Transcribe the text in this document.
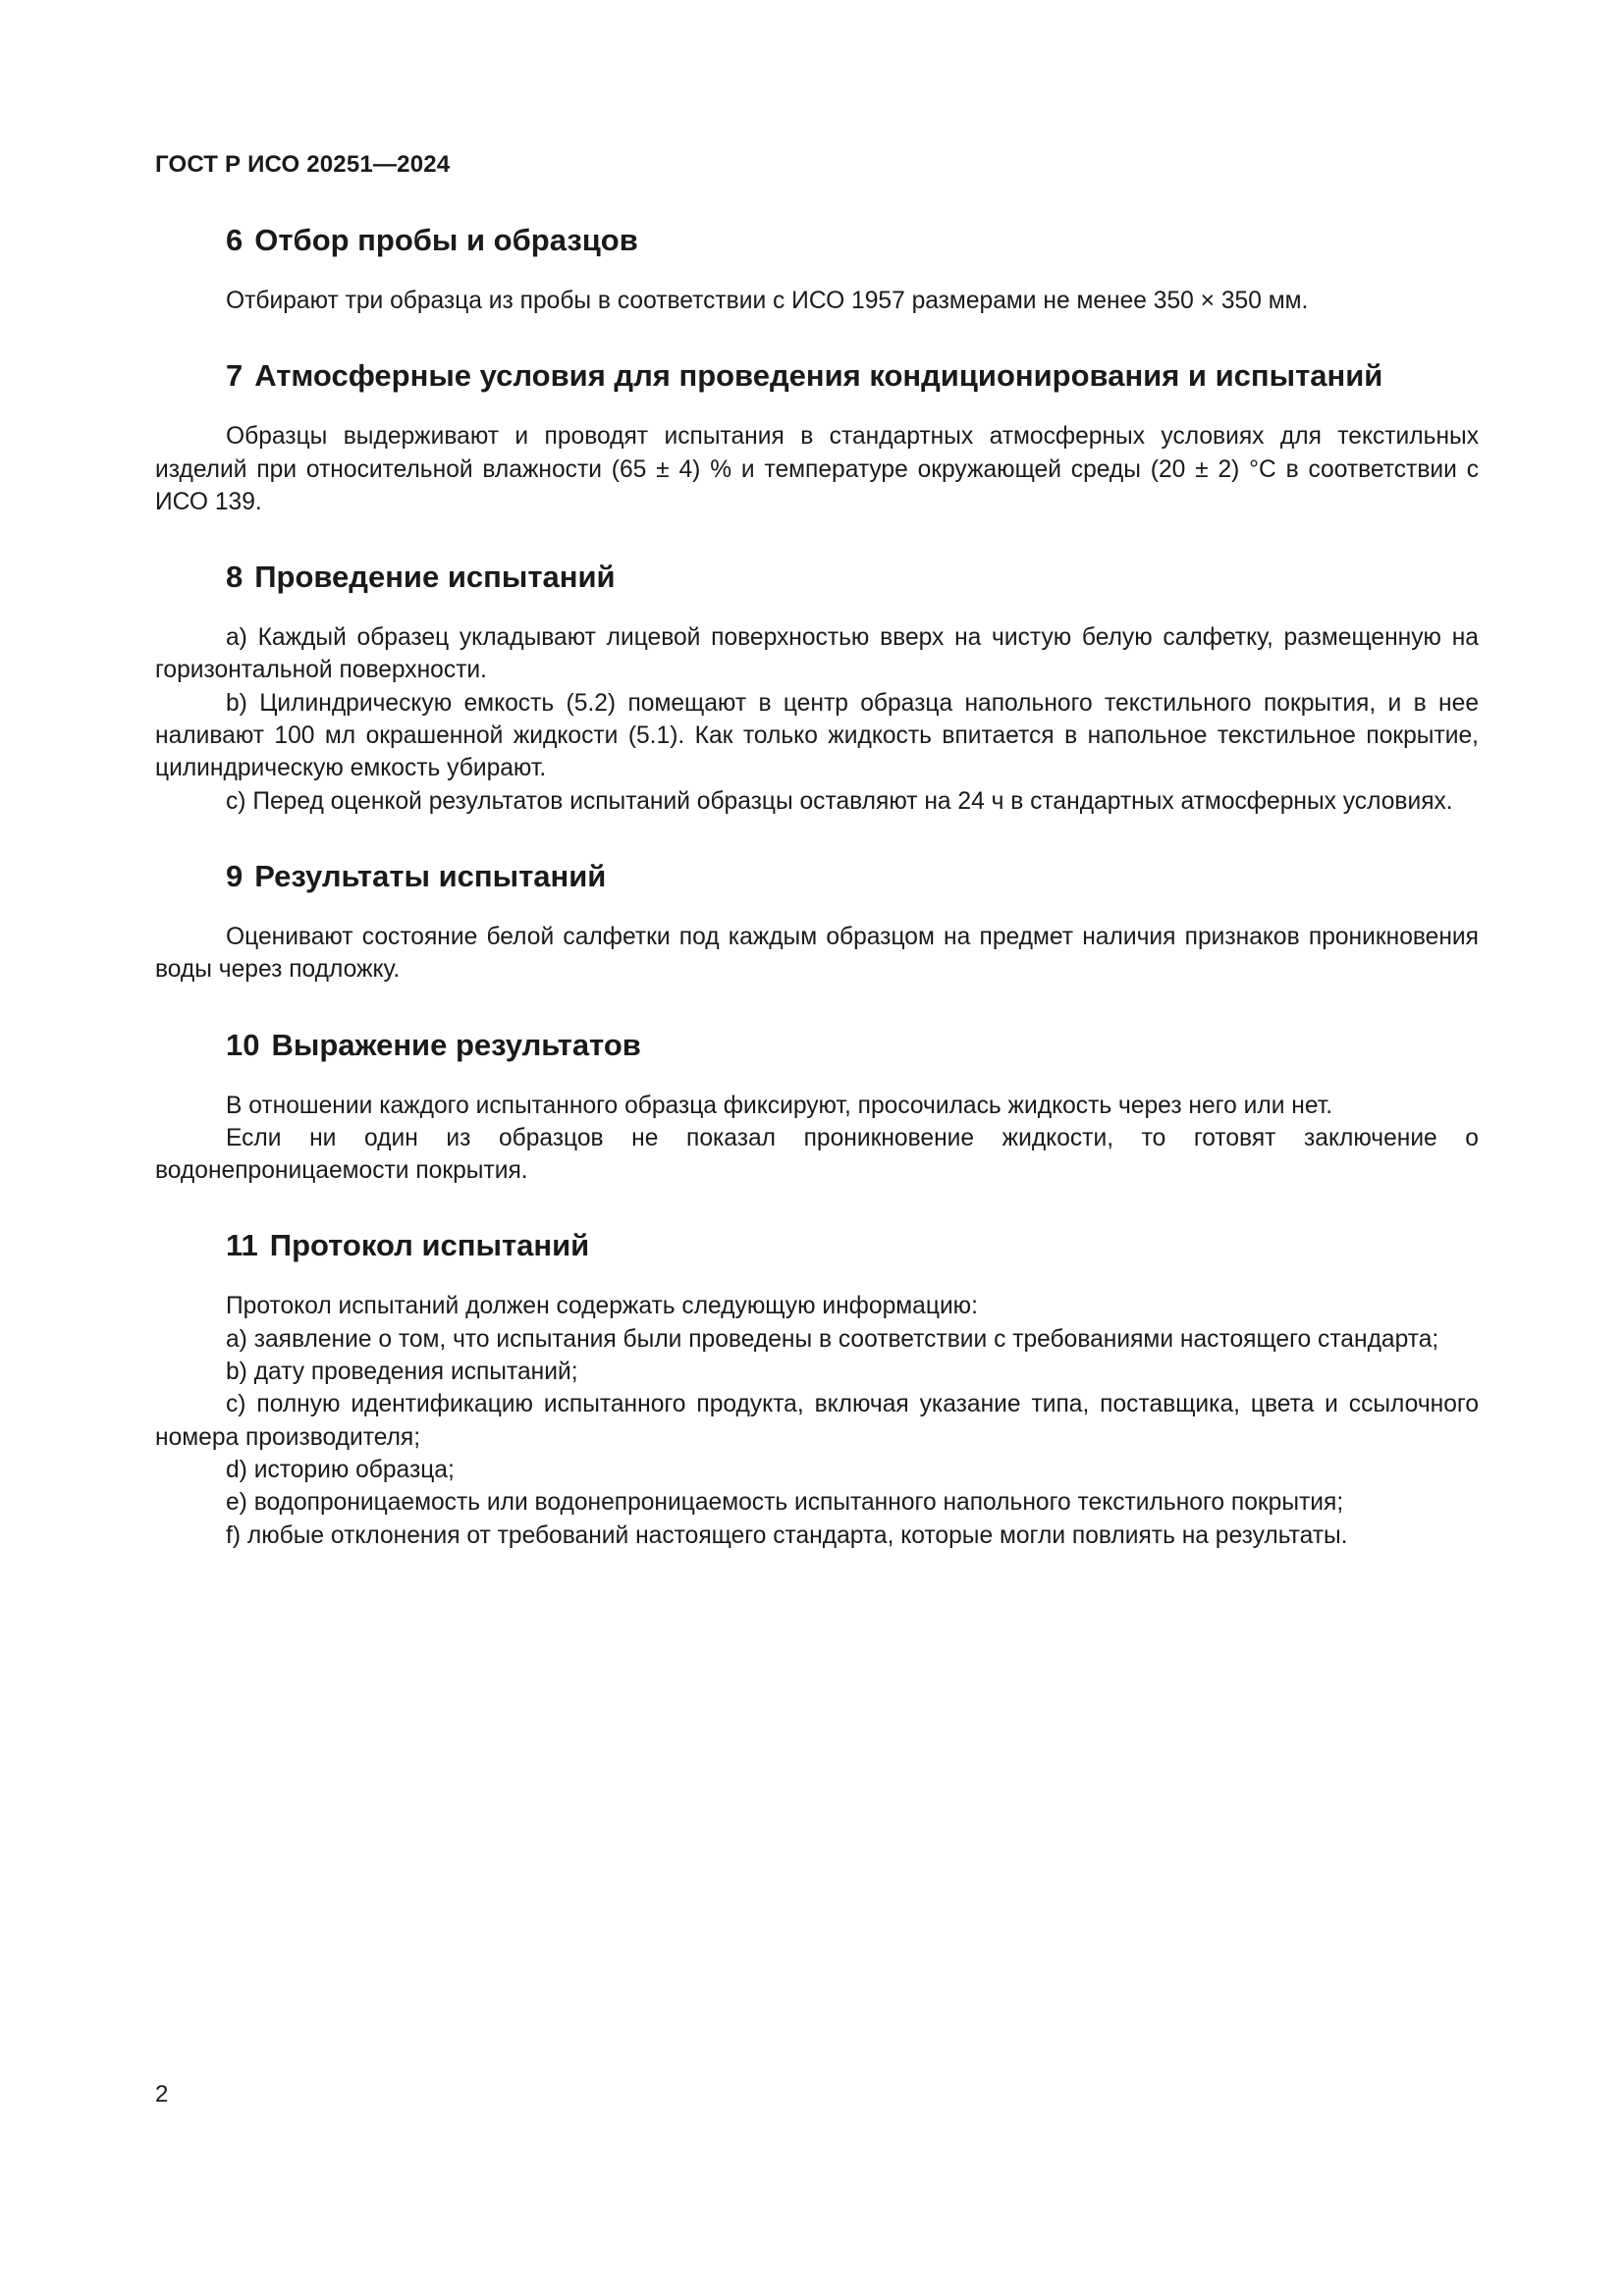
ГОСТ Р ИСО 20251—2024
6 Отбор пробы и образцов

Отбирают три образца из пробы в соответствии с ИСО 1957 размерами не менее 350 × 350 мм.

7 Атмосферные условия для проведения кондиционирования и испытаний

Образцы выдерживают и проводят испытания в стандартных атмосферных условиях для текстильных изделий при относительной влажности (65 ± 4) % и температуре окружающей среды (20 ± 2) °С в соответствии с ИСО 139.

8 Проведение испытаний

а) Каждый образец укладывают лицевой поверхностью вверх на чистую белую салфетку, размещенную на горизонтальной поверхности.

b) Цилиндрическую емкость (5.2) помещают в центр образца напольного текстильного покрытия, и в нее наливают 100 мл окрашенной жидкости (5.1). Как только жидкость впитается в напольное текстильное покрытие, цилиндрическую емкость убирают.

с) Перед оценкой результатов испытаний образцы оставляют на 24 ч в стандартных атмосферных условиях.

9 Результаты испытаний

Оценивают состояние белой салфетки под каждым образцом на предмет наличия признаков проникновения воды через подложку.

10 Выражение результатов

В отношении каждого испытанного образца фиксируют, просочилась жидкость через него или нет.

Если ни один из образцов не показал проникновение жидкости, то готовят заключение о водонепроницаемости покрытия.

11 Протокол испытаний

Протокол испытаний должен содержать следующую информацию:

а) заявление о том, что испытания были проведены в соответствии с требованиями настоящего стандарта;

b) дату проведения испытаний;

с) полную идентификацию испытанного продукта, включая указание типа, поставщика, цвета и ссылочного номера производителя;

d) историю образца;

e) водопроницаемость или водонепроницаемость испытанного напольного текстильного покрытия;

f) любые отклонения от требований настоящего стандарта, которые могли повлиять на результаты.

2
